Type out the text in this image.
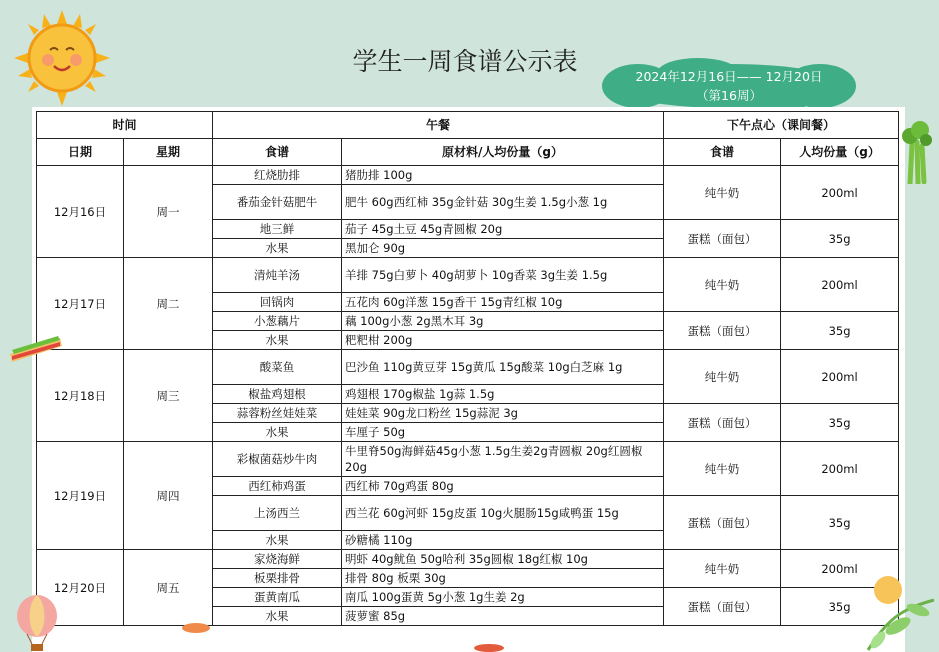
学生一周食谱公示表
2024年12月16日—— 12月20日
（第16周）
时间		午餐		下午点心（课间餐）	
日期	星期	食谱	原材料/人均份量（g）	食谱	人均份量（g）
12月16日	周一	红烧肋排	猪肋排 100g	纯牛奶	200ml
		番茄金针菇肥牛	肥牛 60g西红柿 35g金针菇 30g生姜 1.5g小葱 1g		
		地三鲜	茄子 45g土豆 45g青圆椒 20g	蛋糕（面包）	35g
		水果	黑加仑 90g		
12月17日	周二	清炖羊汤	羊排 75g白萝卜 40g胡萝卜 10g香菜 3g生姜 1.5g	纯牛奶	200ml
		回锅肉	五花肉 60g洋葱 15g香干 15g青红椒 10g		
		小葱藕片	藕 100g小葱 2g黑木耳 3g	蛋糕（面包）	35g
		水果	粑粑柑 200g		
12月18日	周三	酸菜鱼	巴沙鱼 110g黄豆芽 15g黄瓜 15g酸菜 10g白芝麻 1g	纯牛奶	200ml
		椒盐鸡翅根	鸡翅根 170g椒盐 1g蒜 1.5g		
		蒜蓉粉丝娃娃菜	娃娃菜 90g龙口粉丝 15g蒜泥 3g	蛋糕（面包）	35g
		水果	车厘子 50g		
12月19日	周四	彩椒菌菇炒牛肉	牛里脊50g海鲜菇45g小葱 1.5g生姜2g青圆椒 20g红圆椒 20g	纯牛奶	200ml
		西红柿鸡蛋	西红柿 70g鸡蛋 80g		
		上汤西兰	西兰花 60g河虾 15g皮蛋 10g火腿肠15g咸鸭蛋 15g	蛋糕（面包）	35g
		水果	砂糖橘 110g		
12月20日	周五	家烧海鲜	明虾 40g鱿鱼 50g哈利 35g圆椒 18g红椒 10g	纯牛奶	200ml
		板栗排骨	排骨 80g 板栗 30g		
		蛋黄南瓜	南瓜 100g蛋黄 5g小葱 1g生姜 2g	蛋糕（面包）	35g
		水果	菠萝蜜 85g		
